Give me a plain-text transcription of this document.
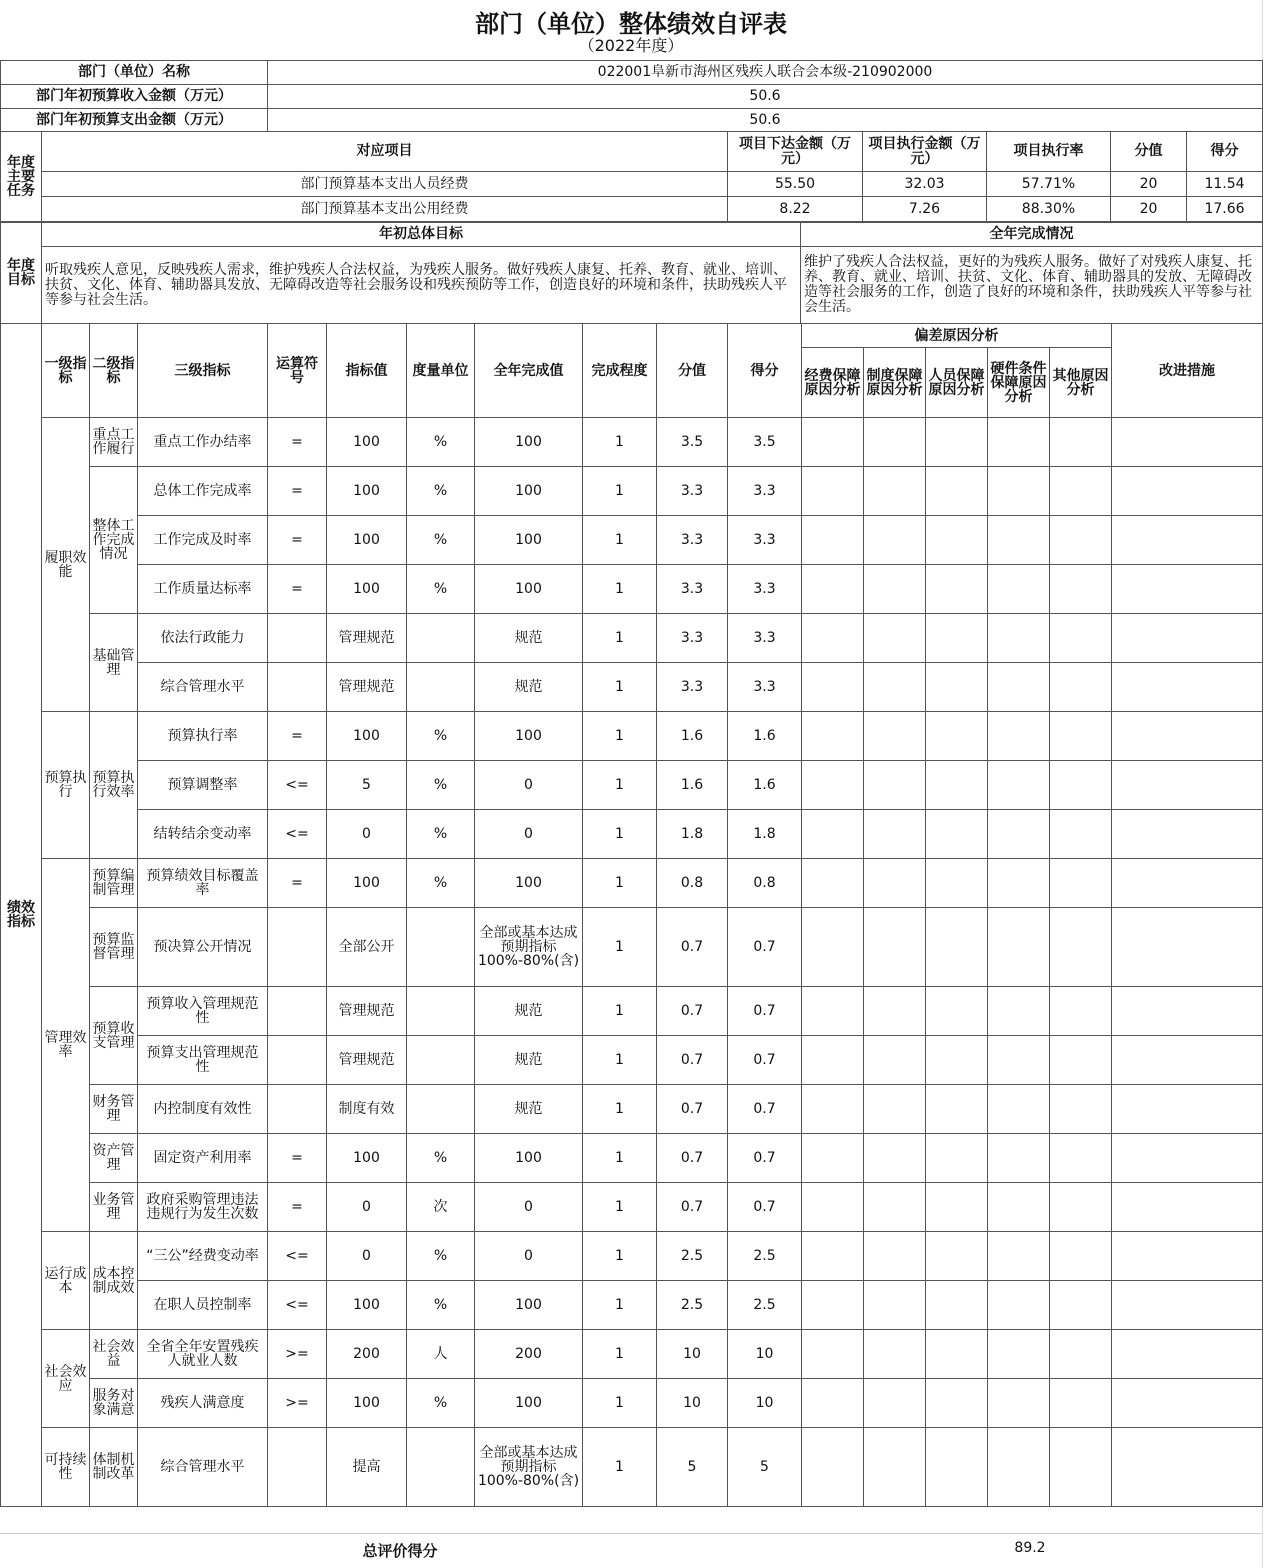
部门（单位）整体绩效自评表
（2022年度）
部门（单位）名称	022001阜新市海州区残疾人联合会本级-210902000
部门年初预算收入金额（万元）	50.6
部门年初预算支出金额（万元）	50.6
年度主要任务	对应项目	项目下达金额（万元）	项目执行金额（万元）	项目执行率	分值	得分
	部门预算基本支出人员经费	55.50	32.03	57.71%	20	11.54
	部门预算基本支出公用经费	8.22	7.26	88.30%	20	17.66
年度目标	年初总体目标	全年完成情况
	听取残疾人意见，反映残疾人需求，维护残疾人合法权益，为残疾人服务。做好残疾人康复、托养、教育、就业、培训、扶贫、文化、体育、辅助器具发放、无障碍改造等社会服务设和残疾预防等工作，创造良好的环境和条件，扶助残疾人平等参与社会生活。	维护了残疾人合法权益，更好的为残疾人服务。做好了对残疾人康复、托养、教育、就业、培训、扶贫、文化、体育、辅助器具的发放、无障碍改造等社会服务的工作，创造了良好的环境和条件，扶助残疾人平等参与社会生活。
绩效指标	一级指标	二级指标	三级指标	运算符号	指标值	度量单位	全年完成值	完成程度	分值	得分	偏差原因分析					改进措施
											经费保障原因分析	制度保障原因分析	人员保障原因分析	硬件条件保障原因分析	其他原因分析	
	履职效能	重点工作履行	重点工作办结率	=	100	%	100	1	3.5	3.5						
		整体工作完成情况	总体工作完成率	=	100	%	100	1	3.3	3.3						
			工作完成及时率	=	100	%	100	1	3.3	3.3						
			工作质量达标率	=	100	%	100	1	3.3	3.3						
		基础管理	依法行政能力		管理规范		规范	1	3.3	3.3						
			综合管理水平		管理规范		规范	1	3.3	3.3						
	预算执行	预算执行效率	预算执行率	=	100	%	100	1	1.6	1.6						
			预算调整率	<=	5	%	0	1	1.6	1.6						
			结转结余变动率	<=	0	%	0	1	1.8	1.8						
	管理效率	预算编制管理	预算绩效目标覆盖率	=	100	%	100	1	0.8	0.8						
		预算监督管理	预决算公开情况		全部公开		全部或基本达成预期指标100%-80%(含)	1	0.7	0.7						
		预算收支管理	预算收入管理规范性		管理规范		规范	1	0.7	0.7						
			预算支出管理规范性		管理规范		规范	1	0.7	0.7						
		财务管理	内控制度有效性		制度有效		规范	1	0.7	0.7						
		资产管理	固定资产利用率	=	100	%	100	1	0.7	0.7						
		业务管理	政府采购管理违法违规行为发生次数	=	0	次	0	1	0.7	0.7						
	运行成本	成本控制成效	“三公”经费变动率	<=	0	%	0	1	2.5	2.5						
			在职人员控制率	<=	100	%	100	1	2.5	2.5						
	社会效应	社会效益	全省全年安置残疾人就业人数	>=	200	人	200	1	10	10						
		服务对象满意	残疾人满意度	>=	100	%	100	1	10	10						
	可持续性	体制机制改革	综合管理水平		提高		全部或基本达成预期指标100%-80%(含)	1	5	5						
总评价得分	89.2
